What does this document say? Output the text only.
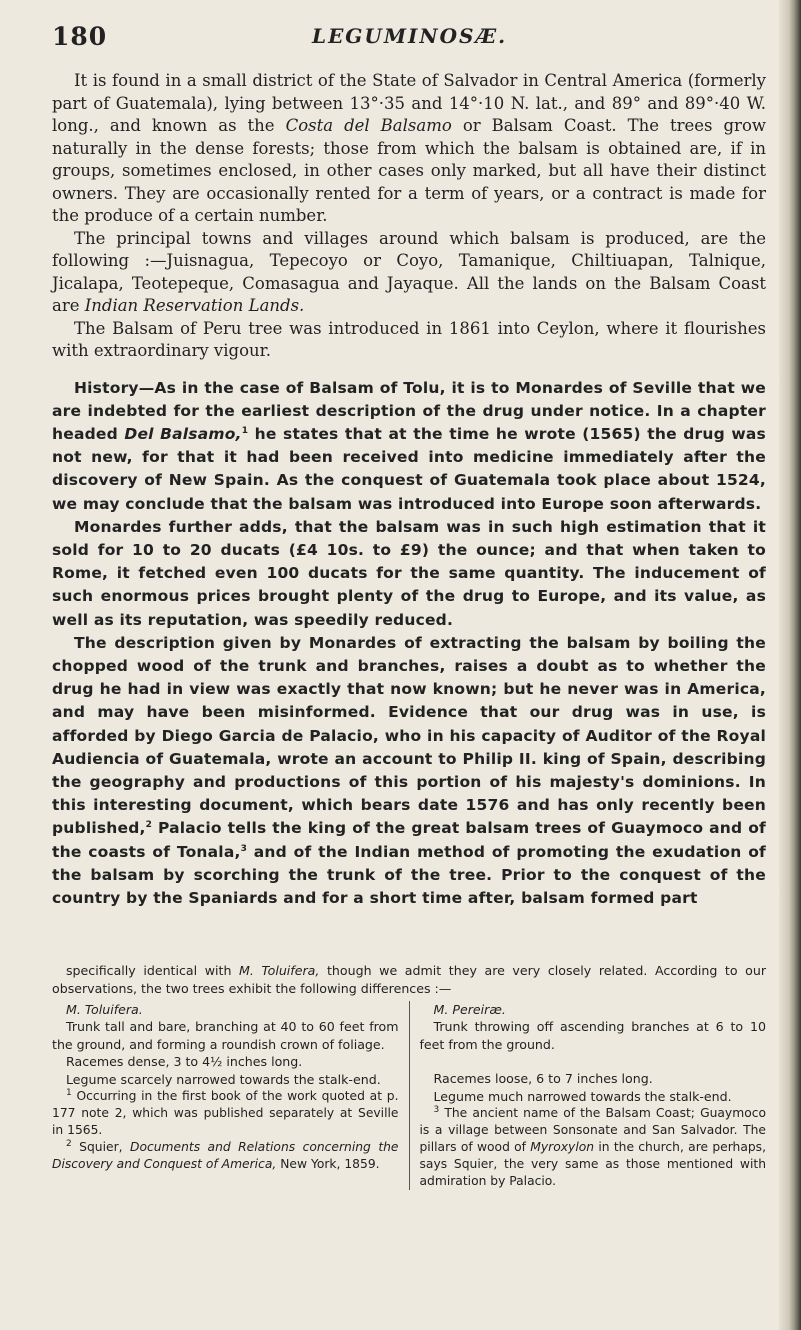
180	LEGUMINOSÆ.

It is found in a small district of the State of Salvador in Central America (formerly part of Guatemala), lying between 13°·35 and 14°·10 N. lat., and 89° and 89°·40 W. long., and known as the Costa del Balsamo or Balsam Coast. The trees grow naturally in the dense forests; those from which the balsam is obtained are, if in groups, sometimes enclosed, in other cases only marked, but all have their distinct owners. They are occasionally rented for a term of years, or a contract is made for the produce of a certain number.

The principal towns and villages around which balsam is produced, are the following :—Juisnagua, Tepecoyo or Coyo, Tamanique, Chiltiuapan, Talnique, Jicalapa, Teotepeque, Comasagua and Jayaque. All the lands on the Balsam Coast are Indian Reservation Lands.

The Balsam of Peru tree was introduced in 1861 into Ceylon, where it flourishes with extraordinary vigour.

History—As in the case of Balsam of Tolu, it is to Monardes of Seville that we are indebted for the earliest description of the drug under notice. In a chapter headed Del Balsamo,$^1$ he states that at the time he wrote (1565) the drug was not new, for that it had been received into medicine immediately after the discovery of New Spain. As the conquest of Guatemala took place about 1524, we may conclude that the balsam was introduced into Europe soon afterwards.

Monardes further adds, that the balsam was in such high estimation that it sold for 10 to 20 ducats (£4 10s. to £9) the ounce; and that when taken to Rome, it fetched even 100 ducats for the same quantity. The inducement of such enormous prices brought plenty of the drug to Europe, and its value, as well as its reputation, was speedily reduced.

The description given by Monardes of extracting the balsam by boiling the chopped wood of the trunk and branches, raises a doubt as to whether the drug he had in view was exactly that now known; but he never was in America, and may have been misinformed. Evidence that our drug was in use, is afforded by Diego Garcia de Palacio, who in his capacity of Auditor of the Royal Audiencia of Guatemala, wrote an account to Philip II. king of Spain, describing the geography and productions of this portion of his majesty's dominions. In this interesting document, which bears date 1576 and has only recently been published,$^2$ Palacio tells the king of the great balsam trees of Guaymoco and of the coasts of Tonala,$^3$ and of the Indian method of promoting the exudation of the balsam by scorching the trunk of the tree. Prior to the conquest of the country by the Spaniards and for a short time after, balsam formed part

specifically identical with M. Toluifera, though we admit they are very closely related. According to our observations, the two trees exhibit the following differences :—

M. Toluifera.

Trunk tall and bare, branching at 40 to 60 feet from the ground, and forming a roundish crown of foliage.

Racemes dense, 3 to 4½ inches long.

Legume scarcely narrowed towards the stalk-end.

$^1$ Occurring in the first book of the work quoted at p. 177 note 2, which was published separately at Seville in 1565.

$^2$ Squier, Documents and Relations concerning the Discovery and Conquest of America, New York, 1859.

M. Pereiræ.

Trunk throwing off ascending branches at 6 to 10 feet from the ground.

Racemes loose, 6 to 7 inches long.

Legume much narrowed towards the stalk-end.

$^3$ The ancient name of the Balsam Coast; Guaymoco is a village between Sonsonate and San Salvador. The pillars of wood of Myroxylon in the church, are perhaps, says Squier, the very same as those mentioned with admiration by Palacio.
